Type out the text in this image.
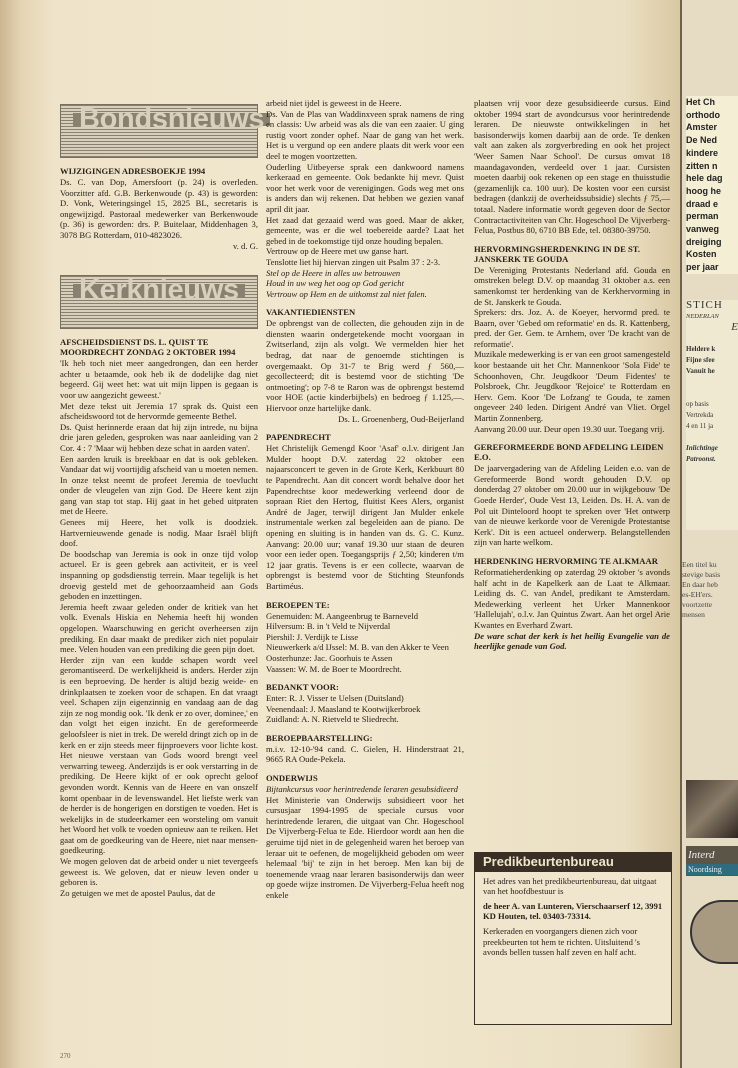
Bondsnieuws
WIJZIGINGEN ADRESBOEKJE 1994

Ds. C. van Dop, Amersfoort (p. 24) is overleden. Voorzitter afd. G.B. Berkenwoude (p. 43) is geworden: D. Vonk, Weteringsingel 15, 2825 BL, secretaris is ongewijzigd. Pastoraal medewerker van Berkenwoude (p. 36) is geworden: drs. P. Buitelaar, Middenhagen 3, 3078 BG Rotterdam, 010-4823026.

v. d. G.

Kerknieuws
AFSCHEIDSDIENST DS. L. QUIST TE MOORDRECHT ZONDAG 2 OKTOBER 1994

'Ik heb toch niet meer aangedrongen, dan een herder achter u betaamde, ook heb ik de dodelijke dag niet begeerd. Gij weet het: wat uit mijn lippen is gegaan is voor uw aangezicht geweest.'

Met deze tekst uit Jeremia 17 sprak ds. Quist een afscheidswoord tot de hervormde gemeente Bethel.

Ds. Quist herinnerde eraan dat hij zijn intrede, nu bijna drie jaren geleden, gesproken was naar aanleiding van 2 Cor. 4 : 7 'Maar wij hebben deze schat in aarden vaten'.

Een aarden kruik is breekbaar en dat is ook gebleken. Vandaar dat wij voortijdig afscheid van u moeten nemen. In onze tekst neemt de profeet Jeremia de toevlucht onder de vleugelen van zijn God. De Heere kent zijn gang van stap tot stap. Hij gaat in het gebed uitpraten met de Heere.

Genees mij Heere, het volk is doodziek. Hartvernieuwende genade is nodig. Maar Israël blijft doof.

De boodschap van Jeremia is ook in onze tijd volop actueel. Er is geen gebrek aan activiteit, er is veel inspanning op godsdienstig terrein. Maar tegelijk is het droevig gesteld met de gehoorzaamheid aan Gods geboden en inzettingen.

Jeremia heeft zwaar geleden onder de kritiek van het volk. Evenals Hiskia en Nehemia heeft hij wonden opgelopen. Waarschuwing en gericht overheersen zijn prediking. En daar maakt de prediker zich niet populair mee. Velen houden van een prediking die geen pijn doet.

Herder zijn van een kudde schapen wordt veel geromantiseerd. De werkelijkheid is anders. Herder zijn is een beproeving. De herder is altijd bezig weide- en drinkplaatsen te zoeken voor de schapen. En dat vraagt veel. Schapen zijn eigenzinnig en vandaag aan de dag zijn ze nog mondig ook. 'Ik denk er zo over, dominee,' en dan volgt het eigen inzicht. En de gereformeerde geloofsleer is niet in trek. De wereld dringt zich op in de kerk en er zijn steeds meer fijnproevers voor lichte kost. Het nieuwe verstaan van Gods woord brengt veel verwarring teweeg. Anderzijds is er ook verstarring in de prediking. De Heere kijkt of er ook oprecht geloof gevonden wordt. Kennis van de Heere en van onszelf komt openbaar in de levenswandel. Het liefste werk van de herder is de hongerigen en dorstigen te voeden. Het is wekelijks in de studeerkamer een worsteling om vanuit het Woord het volk te voeden opnieuw aan te reiken. Het gaat om de goedkeuring van de Heere, niet naar mensen-goedkeuring.

We mogen geloven dat de arbeid onder u niet tevergeefs geweest is. We geloven, dat er nieuw leven onder u geboren is.

Zo getuigen we met de apostel Paulus, dat de

arbeid niet ijdel is geweest in de Heere.

Ds. Van de Plas van Waddinxveen sprak namens de ring en classis: Uw arbeid was als die van een zaaier. U ging rustig voort zonder ophef. Naar de gang van het werk. Het is u vergund op een andere plaats dit werk voor een deel te mogen voortzetten.

Ouderling Uitbeyerse sprak een dankwoord namens kerkeraad en gemeente. Ook bedankte hij mevr. Quist voor het werk voor de verenigingen. Gods weg met ons is anders dan wij rekenen. Dat hebben we gezien vanaf april dit jaar.

Het zaad dat gezaaid werd was goed. Maar de akker, gemeente, was er die wel toebereide aarde? Laat het gebed in de toekomstige tijd onze houding bepalen.

Vertrouw op de Heere met uw ganse hart.

Tenslotte liet hij hiervan zingen uit Psalm 37 : 2-3.

Stel op de Heere in alles uw betrouwen

Houd in uw weg het oog op God gericht

Vertrouw op Hem en de uitkomst zal niet falen.

VAKANTIEDIENSTEN

De opbrengst van de collecten, die gehouden zijn in de diensten waarin ondergetekende mocht voorgaan in Zwitserland, zijn als volgt. We vermelden hier het bedrag, dat naar de genoemde stichtingen is overgemaakt. Op 31-7 te Brig werd ƒ 560,— gecollecteerd; dit is bestemd voor de stichting 'De ontmoeting'; op 7-8 te Raron was de opbrengst bestemd voor HOE (actie kinderbijbels) en bedroeg ƒ 1.125,—. Hiervoor onze hartelijke dank.

Ds. L. Groenenberg, Oud-Beijerland

PAPENDRECHT

Het Christelijk Gemengd Koor 'Asaf' o.l.v. dirigent Jan Mulder hoopt D.V. zaterdag 22 oktober een najaarsconcert te geven in de Grote Kerk, Kerkbuurt 80 te Papendrecht. Aan dit concert wordt behalve door het Papendrechtse koor medewerking verleend door de sopraan Riet den Hertog, fluitist Kees Alers, organist André de Jager, terwijl dirigent Jan Mulder enkele instrumentale werken zal begeleiden aan de piano. De opening en sluiting is in handen van ds. G. C. Kunz. Aanvang: 20.00 uur; vanaf 19.30 uur staan de deuren voor een ieder open. Toegangsprijs ƒ 2,50; kinderen t/m 12 jaar gratis. Tevens is er een collecte, waarvan de opbrengst is bestemd voor de Stichting Steunfonds Bartiméus.

BEROEPEN TE:

Genemuiden: M. Aangeenbrug te Barneveld

Hilversum: B. in 't Veld te Nijverdal

Piershil: J. Verdijk te Lisse

Nieuwerkerk a/d IJssel: M. B. van den Akker te Veen

Oosterhunze: Jac. Goorhuis te Assen

Vaassen: W. M. de Boer te Moordrecht.

BEDANKT VOOR:

Enter: R. J. Visser te Uelsen (Duitsland)

Veenendaal: J. Maasland te Kootwijkerbroek

Zuidland: A. N. Rietveld te Sliedrecht.

BEROEPBAARSTELLING:

m.i.v. 12-10-'94 cand. C. Gielen, H. Hinderstraat 21, 9665 RA Oude-Pekela.

ONDERWIJS

Bijtankcursus voor herintredende leraren gesubsidieerd

Het Ministerie van Onderwijs subsidieert voor het cursusjaar 1994-1995 de speciale cursus voor herintredende leraren, die uitgaat van Chr. Hogeschool De Vijverberg-Felua te Ede. Hierdoor wordt aan hen die geruime tijd niet in de gelegenheid waren het beroep van leraar uit te oefenen, de mogelijkheid geboden om weer helemaal 'bij' te zijn in het beroep. Men kan bij de toenemende vraag naar leraren basisonderwijs dan weer op goede wijze instromen. De Vijverberg-Felua heeft nog enkele

plaatsen vrij voor deze gesubsidieerde cursus. Eind oktober 1994 start de avondcursus voor herintredende leraren. De nieuwste ontwikkelingen in het basisonderwijs komen daarbij aan de orde. Te denken valt aan zaken als zorgverbreding en ook het project 'Weer Samen Naar School'. De cursus omvat 18 maandagavonden, verdeeld over 1 jaar. Cursisten moeten daarbij ook rekenen op een stage en thuisstudie (gezamenlijk ca. 100 uur). De kosten voor een cursist bedragen (dankzij de overheidssubsidie) slechts ƒ 75,— totaal. Nadere informatie wordt gegeven door de Sector Contractactiviteiten van Chr. Hogeschool De Vijverberg-Felua, Postbus 80, 6710 BB Ede, tel. 08380-39750.

HERVORMINGSHERDENKING IN DE ST. JANSKERK TE GOUDA

De Vereniging Protestants Nederland afd. Gouda en omstreken belegt D.V. op maandag 31 oktober a.s. een samenkomst ter herdenking van de Kerkhervorming in de St. Janskerk te Gouda.

Sprekers: drs. Joz. A. de Koeyer, hervormd pred. te Baarn, over 'Gebed om reformatie' en ds. R. Kattenberg, pred. der Ger. Gem. te Arnhem, over 'De kracht van de reformatie'.

Muzikale medewerking is er van een groot samengesteld koor bestaande uit het Chr. Mannenkoor 'Sola Fide' te Schoonhoven, Chr. Jeugdkoor 'Deum Fidentes' te Polsbroek, Chr. Jeugdkoor 'Rejoice' te Rotterdam en Herv. Gem. Koor 'De Lofzang' te Gouda, te zamen ongeveer 240 leden. Dirigent André van Vliet. Orgel Martin Zonnenberg.

Aanvang 20.00 uur. Deur open 19.30 uur. Toegang vrij.

GEREFORMEERDE BOND AFDELING LEIDEN E.O.

De jaarvergadering van de Afdeling Leiden e.o. van de Gereformeerde Bond wordt gehouden D.V. op donderdag 27 oktober om 20.00 uur in wijkgebouw 'De Goede Herder', Oude Vest 13, Leiden. Ds. H. A. van de Pol uit Dinteloord hoopt te spreken over 'Het ontwerp van de nieuwe kerkorde voor de Verenigde Protestantse Kerk'. Dit is een actueel onderwerp. Belangstellenden zijn van harte welkom.

HERDENKING HERVORMING TE ALKMAAR

Reformatieherdenking op zaterdag 29 oktober 's avonds half acht in de Kapelkerk aan de Laat te Alkmaar. Leiding ds. C. van Andel, predikant te Amsterdam. Medewerking verleent het Urker Mannenkoor 'Hallelujah', o.l.v. Jan Quintus Zwart. Aan het orgel Arie Kwantes en Everhard Zwart.

De ware schat der kerk is het heilig Evangelie van de heerlijke genade van God.

Predikbeurtenbureau

Het adres van het predikbeurtenbureau, dat uitgaat van het hoofdbestuur is

de heer A. van Lunteren, Vierschaarserf 12, 3991 KD Houten, tel. 03403-73314.

Kerkeraden en voorgangers dienen zich voor preekbeurten tot hem te richten. Uitsluitend 's avonds bellen tussen half zeven en half acht.

270
Het Ch
orthodo
Amster
De Ned
kindere
zitten n
hele dag
hoog he
draad e
perman
vanweg
dreiging
Kosten
per jaar
STICH
NEDERLAN
E

Heldere k
Fijne sfee
Vanuit he

op basis
Vertrekda
4 en 11 ja

Inlichtinge
Patroonst.
Een titel ku
stevige basis
En daar heb
es-EH'ers.
voortzette
mensen
Interd
Noordsing
